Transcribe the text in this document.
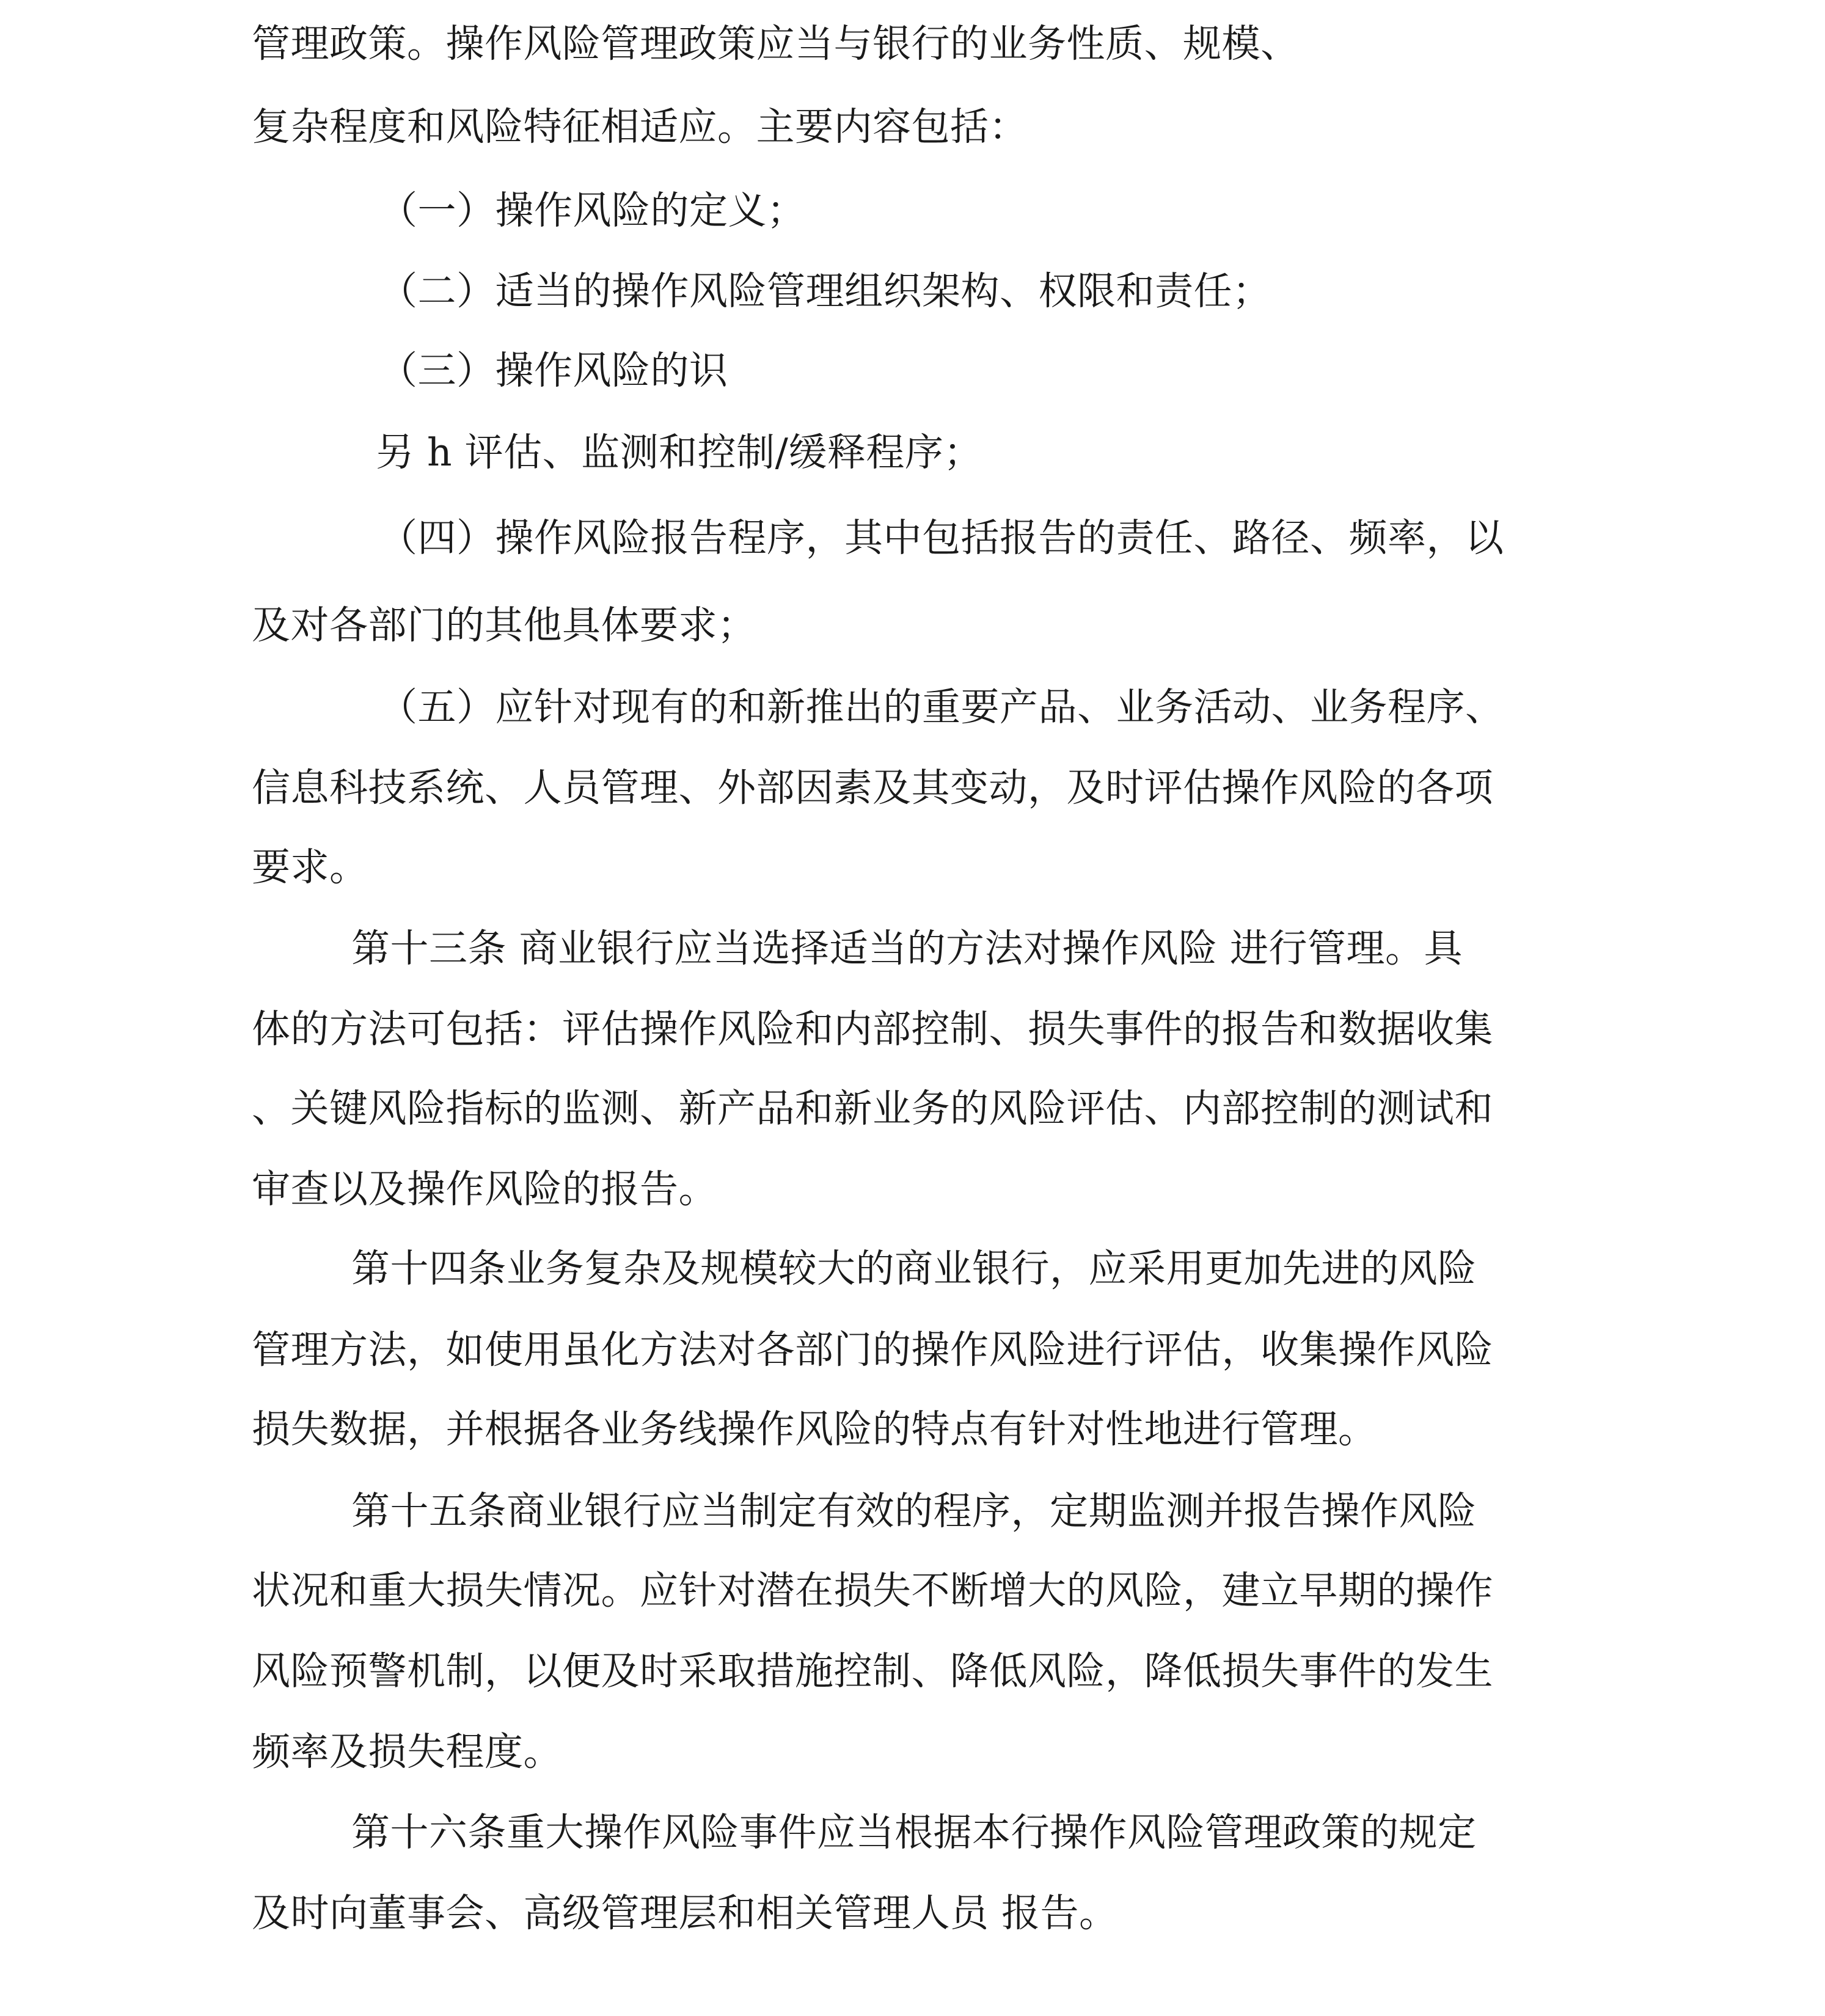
管理政策。操作风险管理政策应当与银行的业务性质、规模、

复杂程度和风险特征相适应。主要内容包括：

（一）操作风险的定义；

（二）适当的操作风险管理组织架构、权限和责任；

（三）操作风险的识

另 h 评估、监测和控制/缓释程序；

（四）操作风险报告程序，其中包括报告的责任、路径、频率，以

及对各部门的其他具体要求；

（五）应针对现有的和新推出的重要产品、业务活动、业务程序、

信息科技系统、人员管理、外部因素及其变动，及时评估操作风险的各项

要求。

第十三条 商业银行应当选择适当的方法对操作风险 进行管理。具

体的方法可包括：评估操作风险和内部控制、损失事件的报告和数据收集

、关键风险指标的监测、新产品和新业务的风险评估、内部控制的测试和

审查以及操作风险的报告。

第十四条业务复杂及规模较大的商业银行，应采用更加先进的风险

管理方法，如使用虽化方法对各部门的操作风险进行评估，收集操作风险

损失数据，并根据各业务线操作风险的特点有针对性地进行管理。

第十五条商业银行应当制定有效的程序，定期监测并报告操作风险

状况和重大损失情况。应针对潜在损失不断增大的风险，建立早期的操作

风险预警机制，以便及时采取措施控制、降低风险，降低损失事件的发生

频率及损失程度。

第十六条重大操作风险事件应当根据本行操作风险管理政策的规定

及时向董事会、高级管理层和相关管理人员 报告。
